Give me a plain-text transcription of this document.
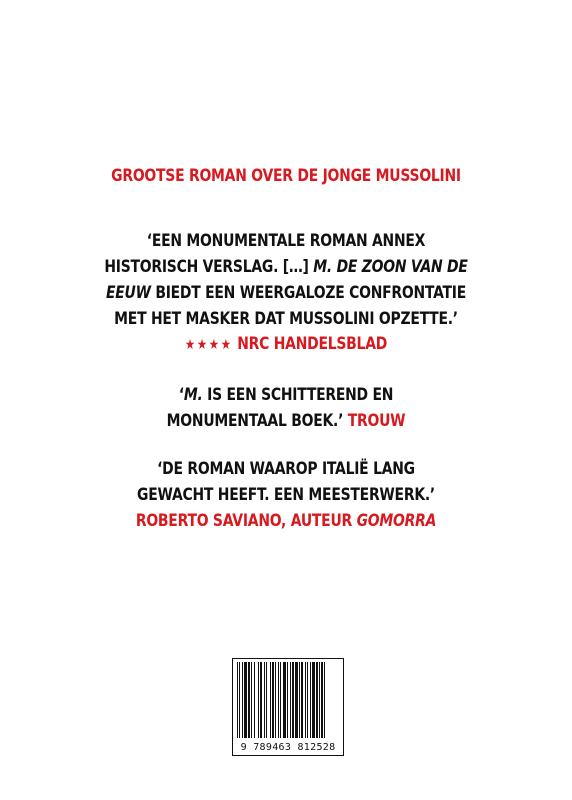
GROOTSE ROMAN OVER DE JONGE MUSSOLINI
‘EEN MONUMENTALE ROMAN ANNEX
HISTORISCH VERSLAG. […] M. DE ZOON VAN DE
EEUW BIEDT EEN WEERGALOZE CONFRONTATIE
MET HET MASKER DAT MUSSOLINI OPZETTE.’
★★★★ NRC HANDELSBLAD
‘M. IS EEN SCHITTEREND EN
MONUMENTAAL BOEK.’ TROUW
‘DE ROMAN WAAROP ITALIË LANG
GEWACHT HEEFT. EEN MEESTERWERK.’
ROBERTO SAVIANO, AUTEUR GOMORRA
9 789463 812528
